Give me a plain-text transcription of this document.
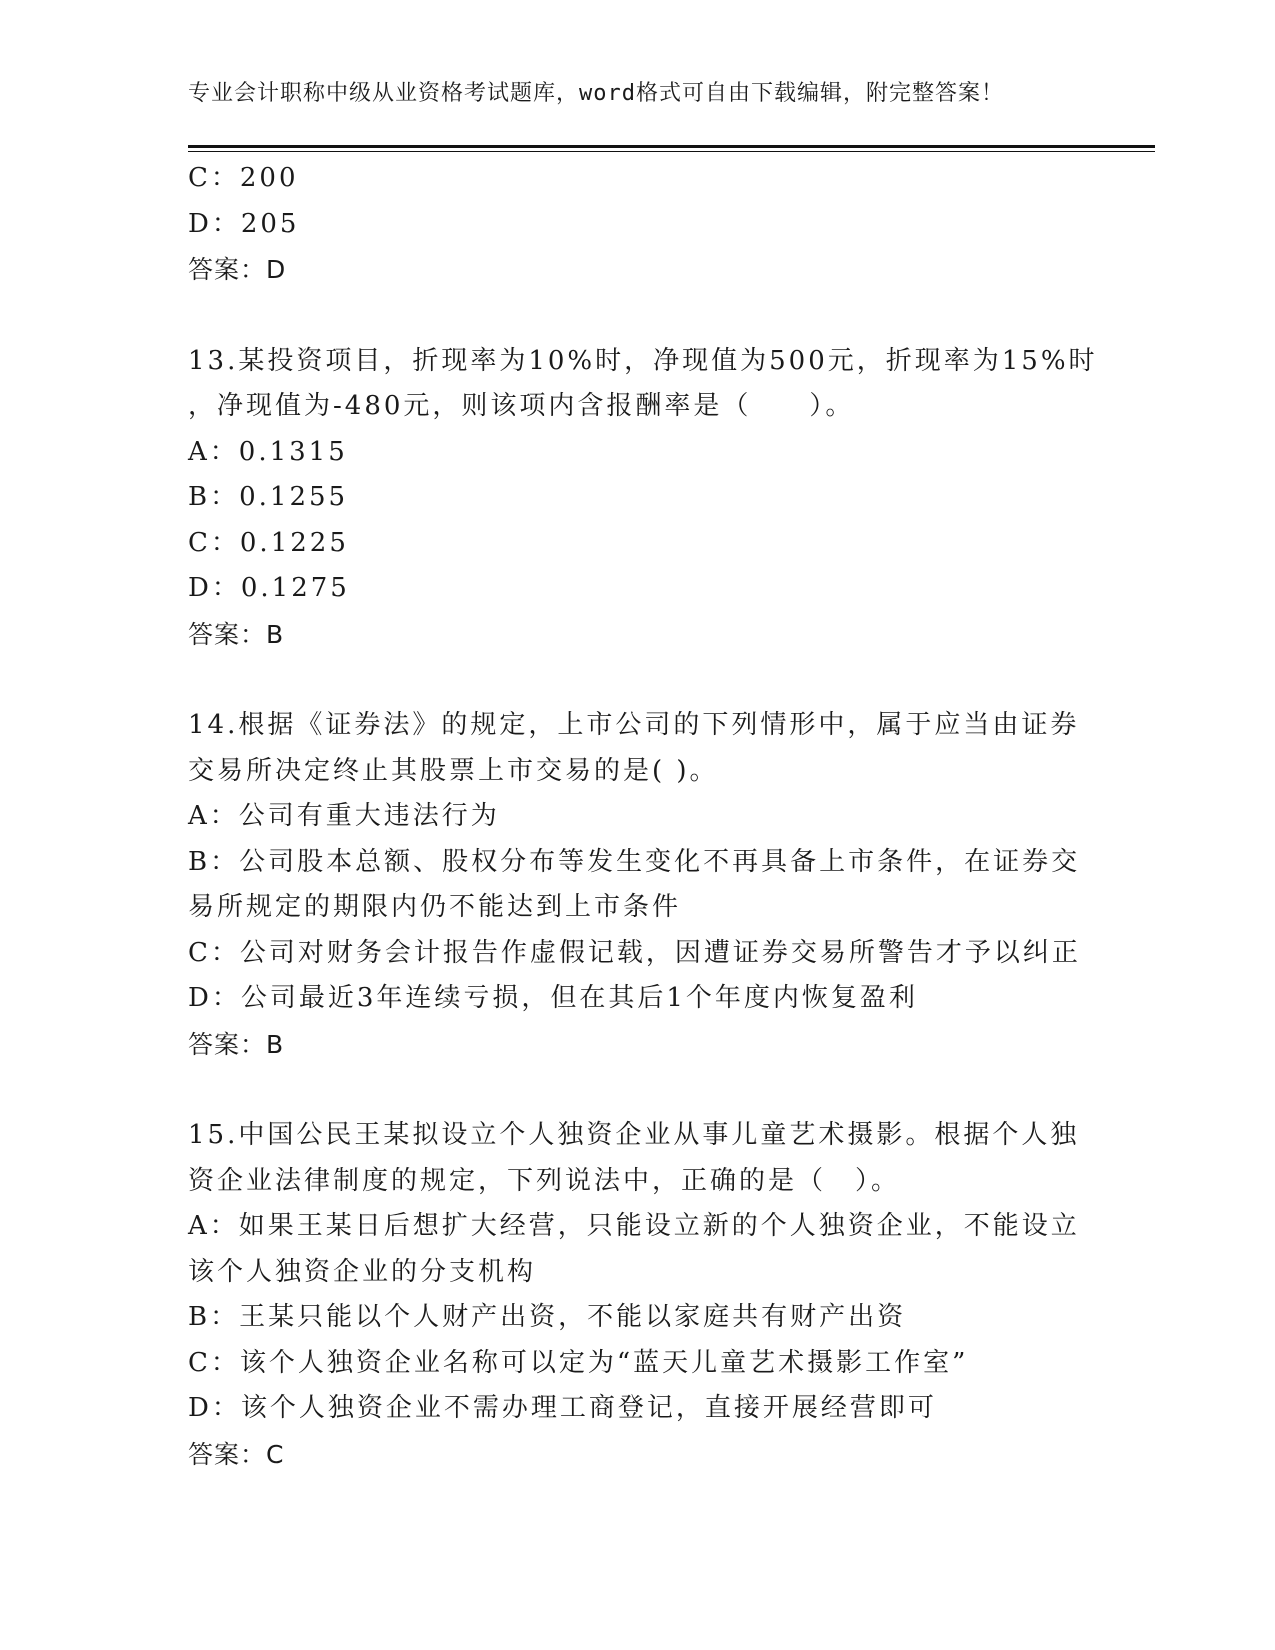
专业会计职称中级从业资格考试题库，word格式可自由下载编辑，附完整答案！
C：200
D：205
答案：D
13.某投资项目，折现率为10%时，净现值为500元，折现率为15%时
，净现值为-480元，则该项内含报酬率是（　　）。
A：0.1315
B：0.1255
C：0.1225
D：0.1275
答案：B
14.根据《证券法》的规定，上市公司的下列情形中，属于应当由证券
交易所决定终止其股票上市交易的是( )。
A：公司有重大违法行为
B：公司股本总额、股权分布等发生变化不再具备上市条件，在证券交
易所规定的期限内仍不能达到上市条件
C：公司对财务会计报告作虚假记载，因遭证券交易所警告才予以纠正
D：公司最近3年连续亏损，但在其后1个年度内恢复盈利
答案：B
15.中国公民王某拟设立个人独资企业从事儿童艺术摄影。根据个人独
资企业法律制度的规定，下列说法中，正确的是（　）。
A：如果王某日后想扩大经营，只能设立新的个人独资企业，不能设立
该个人独资企业的分支机构
B：王某只能以个人财产出资，不能以家庭共有财产出资
C：该个人独资企业名称可以定为“蓝天儿童艺术摄影工作室”
D：该个人独资企业不需办理工商登记，直接开展经营即可
答案：C
